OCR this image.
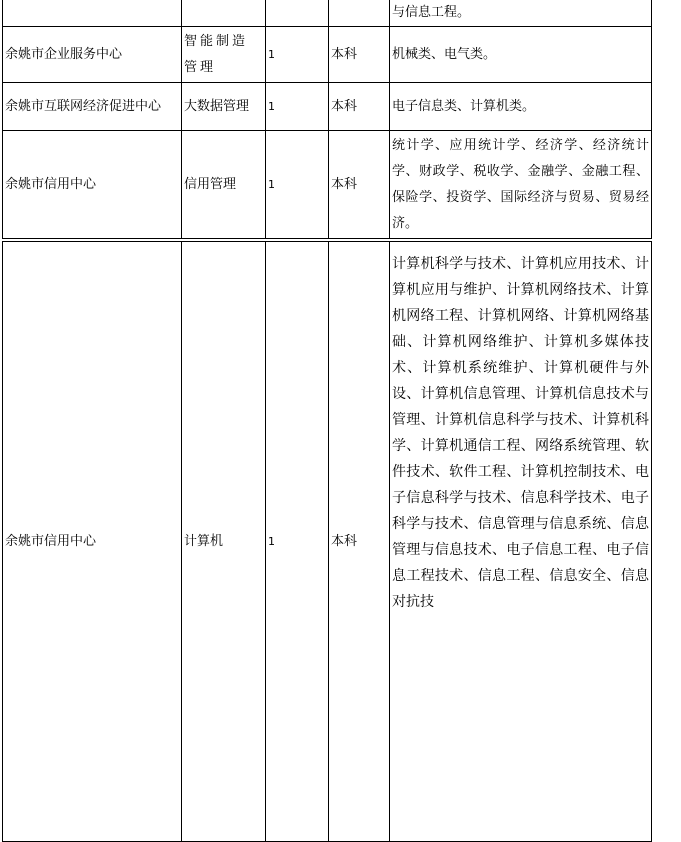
				与信息工程。
余姚市企业服务中心	智能制造管理	1	本科	机械类、电气类。
余姚市互联网经济促进中心	大数据管理	1	本科	电子信息类、计算机类。
余姚市信用中心	信用管理	1	本科	统计学、应用统计学、经济学、经济统计学、财政学、税收学、金融学、金融工程、保险学、投资学、国际经济与贸易、贸易经济。
余姚市信用中心	计算机	1	本科	计算机科学与技术、计算机应用技术、计算机应用与维护、计算机网络技术、计算机网络工程、计算机网络、计算机网络基础、计算机网络维护、计算机多媒体技术、计算机系统维护、计算机硬件与外设、计算机信息管理、计算机信息技术与管理、计算机信息科学与技术、计算机科学、计算机通信工程、网络系统管理、软件技术、软件工程、计算机控制技术、电子信息科学与技术、信息科学技术、电子科学与技术、信息管理与信息系统、信息管理与信息技术、电子信息工程、电子信息工程技术、信息工程、信息安全、信息对抗技
